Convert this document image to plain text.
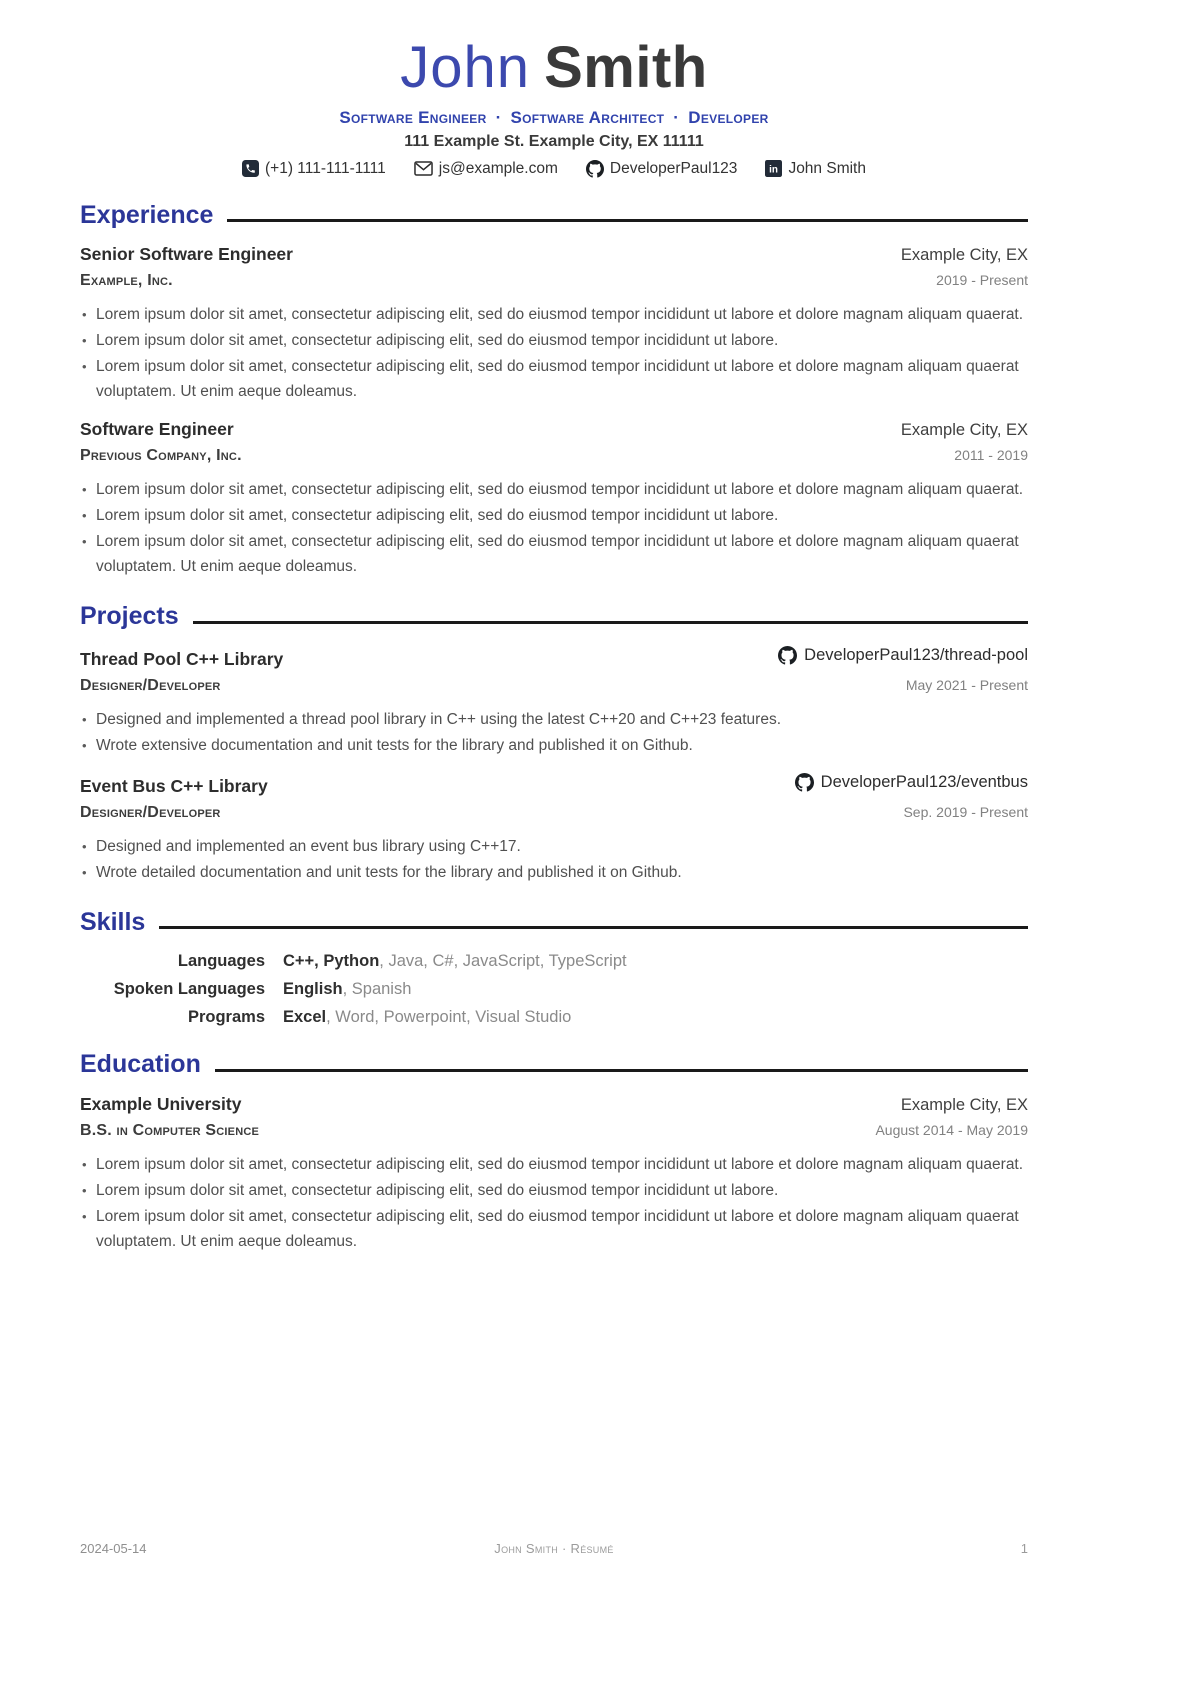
John Smith
Software Engineer · Software Architect · Developer
111 Example St. Example City, EX 11111
(+1) 111-111-1111	js@example.com	DeveloperPaul123 in John Smith
Experience
Senior Software Engineer	Example City, EX
Example, Inc.	2019 - Present
• Lorem ipsum dolor sit amet, consectetur adipiscing elit, sed do eiusmod tempor incididunt ut labore et dolore magnam aliquam quaerat.
• Lorem ipsum dolor sit amet, consectetur adipiscing elit, sed do eiusmod tempor incididunt ut labore.
• Lorem ipsum dolor sit amet, consectetur adipiscing elit, sed do eiusmod tempor incididunt ut labore et dolore magnam aliquam quaerat voluptatem. Ut enim aeque doleamus.
Software Engineer	Example City, EX
Previous Company, Inc.	2011 - 2019
• Lorem ipsum dolor sit amet, consectetur adipiscing elit, sed do eiusmod tempor incididunt ut labore et dolore magnam aliquam quaerat.
• Lorem ipsum dolor sit amet, consectetur adipiscing elit, sed do eiusmod tempor incididunt ut labore.
• Lorem ipsum dolor sit amet, consectetur adipiscing elit, sed do eiusmod tempor incididunt ut labore et dolore magnam aliquam quaerat voluptatem. Ut enim aeque doleamus.
Projects
Thread Pool C++ Library	DeveloperPaul123/thread-pool
Designer/Developer	May 2021 - Present
• Designed and implemented a thread pool library in C++ using the latest C++20 and C++23 features.
• Wrote extensive documentation and unit tests for the library and published it on Github.
Event Bus C++ Library	DeveloperPaul123/eventbus
Designer/Developer	Sep. 2019 - Present
• Designed and implemented an event bus library using C++17.
• Wrote detailed documentation and unit tests for the library and published it on Github.
Skills
Languages C++, Python, Java, C#, JavaScript, TypeScript
Spoken Languages English, Spanish
Programs Excel, Word, Powerpoint, Visual Studio
Education
Example University	Example City, EX
B.S. in Computer Science	August 2014 - May 2019
• Lorem ipsum dolor sit amet, consectetur adipiscing elit, sed do eiusmod tempor incididunt ut labore et dolore magnam aliquam quaerat.
• Lorem ipsum dolor sit amet, consectetur adipiscing elit, sed do eiusmod tempor incididunt ut labore.
• Lorem ipsum dolor sit amet, consectetur adipiscing elit, sed do eiusmod tempor incididunt ut labore et dolore magnam aliquam quaerat voluptatem. Ut enim aeque doleamus.
2024-05-14	John Smith · Résumé	1
